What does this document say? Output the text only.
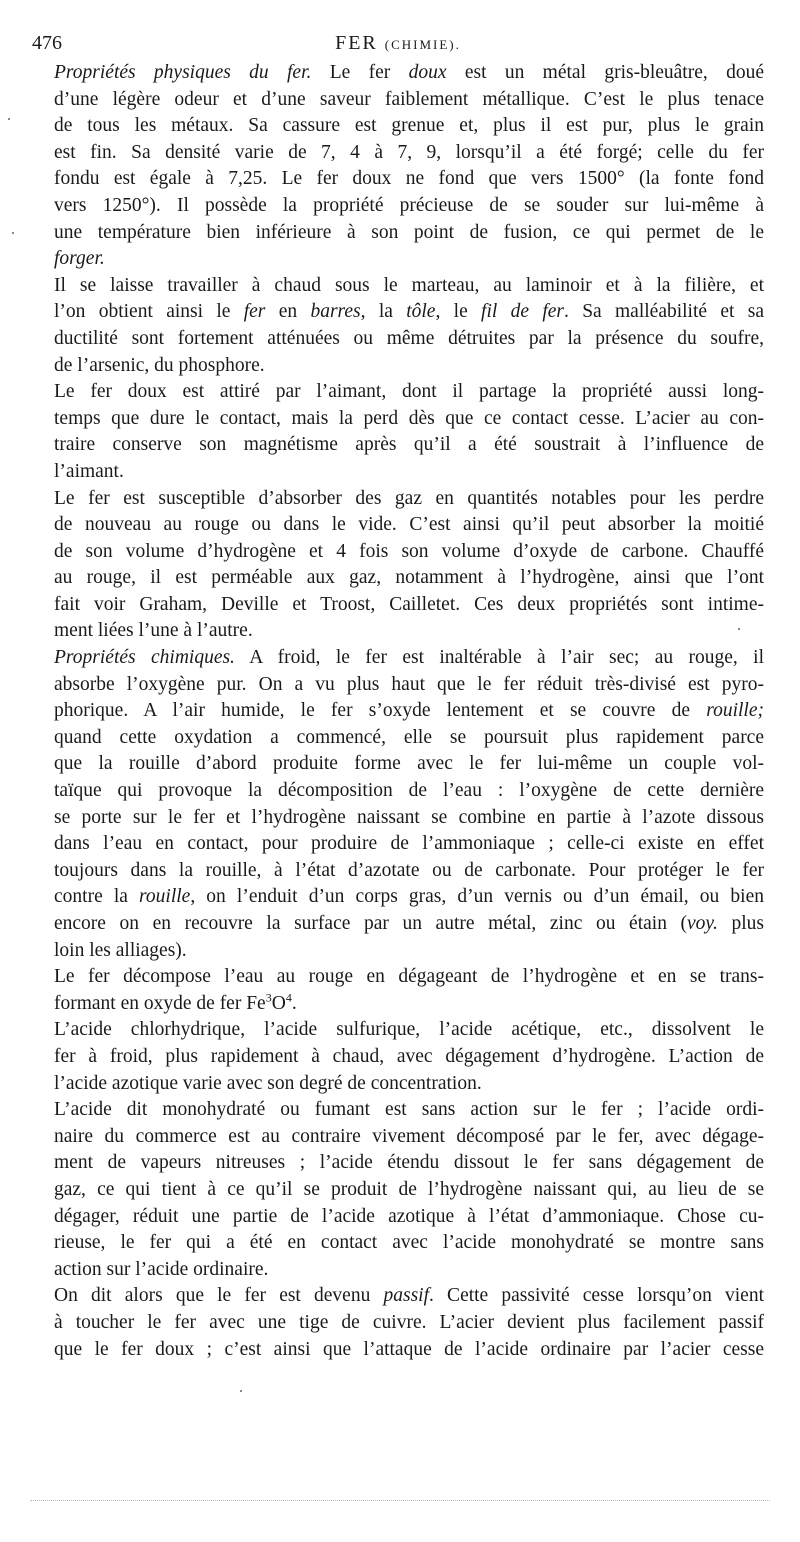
476	FER (CHIMIE).

Propriétés physiques du fer. Le fer doux est un métal gris-bleuâtre, doué
d’une légère odeur et d’une saveur faiblement métallique. C’est le plus tenace
de tous les métaux. Sa cassure est grenue et, plus il est pur, plus le grain
est fin. Sa densité varie de 7, 4 à 7, 9, lorsqu’il a été forgé; celle du fer
fondu est égale à 7,25. Le fer doux ne fond que vers 1500° (la fonte fond
vers 1250°). Il possède la propriété précieuse de se souder sur lui-même à
une température bien inférieure à son point de fusion, ce qui permet de le
forger.

Il se laisse travailler à chaud sous le marteau, au laminoir et à la filière, et
l’on obtient ainsi le fer en barres, la tôle, le fil de fer. Sa malléabilité et sa
ductilité sont fortement atténuées ou même détruites par la présence du soufre,
de l’arsenic, du phosphore.

Le fer doux est attiré par l’aimant, dont il partage la propriété aussi long-
temps que dure le contact, mais la perd dès que ce contact cesse. L’acier au con-
traire conserve son magnétisme après qu’il a été soustrait à l’influence de
l’aimant.

Le fer est susceptible d’absorber des gaz en quantités notables pour les perdre
de nouveau au rouge ou dans le vide. C’est ainsi qu’il peut absorber la moitié
de son volume d’hydrogène et 4 fois son volume d’oxyde de carbone. Chauffé
au rouge, il est perméable aux gaz, notamment à l’hydrogène, ainsi que l’ont
fait voir Graham, Deville et Troost, Cailletet. Ces deux propriétés sont intime-
ment liées l’une à l’autre.

Propriétés chimiques. A froid, le fer est inaltérable à l’air sec; au rouge, il
absorbe l’oxygène pur. On a vu plus haut que le fer réduit très-divisé est pyro-
phorique. A l’air humide, le fer s’oxyde lentement et se couvre de rouille;
quand cette oxydation a commencé, elle se poursuit plus rapidement parce
que la rouille d’abord produite forme avec le fer lui-même un couple vol-
taïque qui provoque la décomposition de l’eau : l’oxygène de cette dernière
se porte sur le fer et l’hydrogène naissant se combine en partie à l’azote dissous
dans l’eau en contact, pour produire de l’ammoniaque ; celle-ci existe en effet
toujours dans la rouille, à l’état d’azotate ou de carbonate. Pour protéger le fer
contre la rouille, on l’enduit d’un corps gras, d’un vernis ou d’un émail, ou bien
encore on en recouvre la surface par un autre métal, zinc ou étain (voy. plus
loin les alliages).

Le fer décompose l’eau au rouge en dégageant de l’hydrogène et en se trans-
formant en oxyde de fer $Fe^3O^4$.

L’acide chlorhydrique, l’acide sulfurique, l’acide acétique, etc., dissolvent le
fer à froid, plus rapidement à chaud, avec dégagement d’hydrogène. L’action de
l’acide azotique varie avec son degré de concentration.

L’acide dit monohydraté ou fumant est sans action sur le fer ; l’acide ordi-
naire du commerce est au contraire vivement décomposé par le fer, avec dégage-
ment de vapeurs nitreuses ; l’acide étendu dissout le fer sans dégagement de
gaz, ce qui tient à ce qu’il se produit de l’hydrogène naissant qui, au lieu de se
dégager, réduit une partie de l’acide azotique à l’état d’ammoniaque. Chose cu-
rieuse, le fer qui a été en contact avec l’acide monohydraté se montre sans
action sur l’acide ordinaire.

On dit alors que le fer est devenu passif. Cette passivité cesse lorsqu’on vient
à toucher le fer avec une tige de cuivre. L’acier devient plus facilement passif
que le fer doux ; c’est ainsi que l’attaque de l’acide ordinaire par l’acier cesse
